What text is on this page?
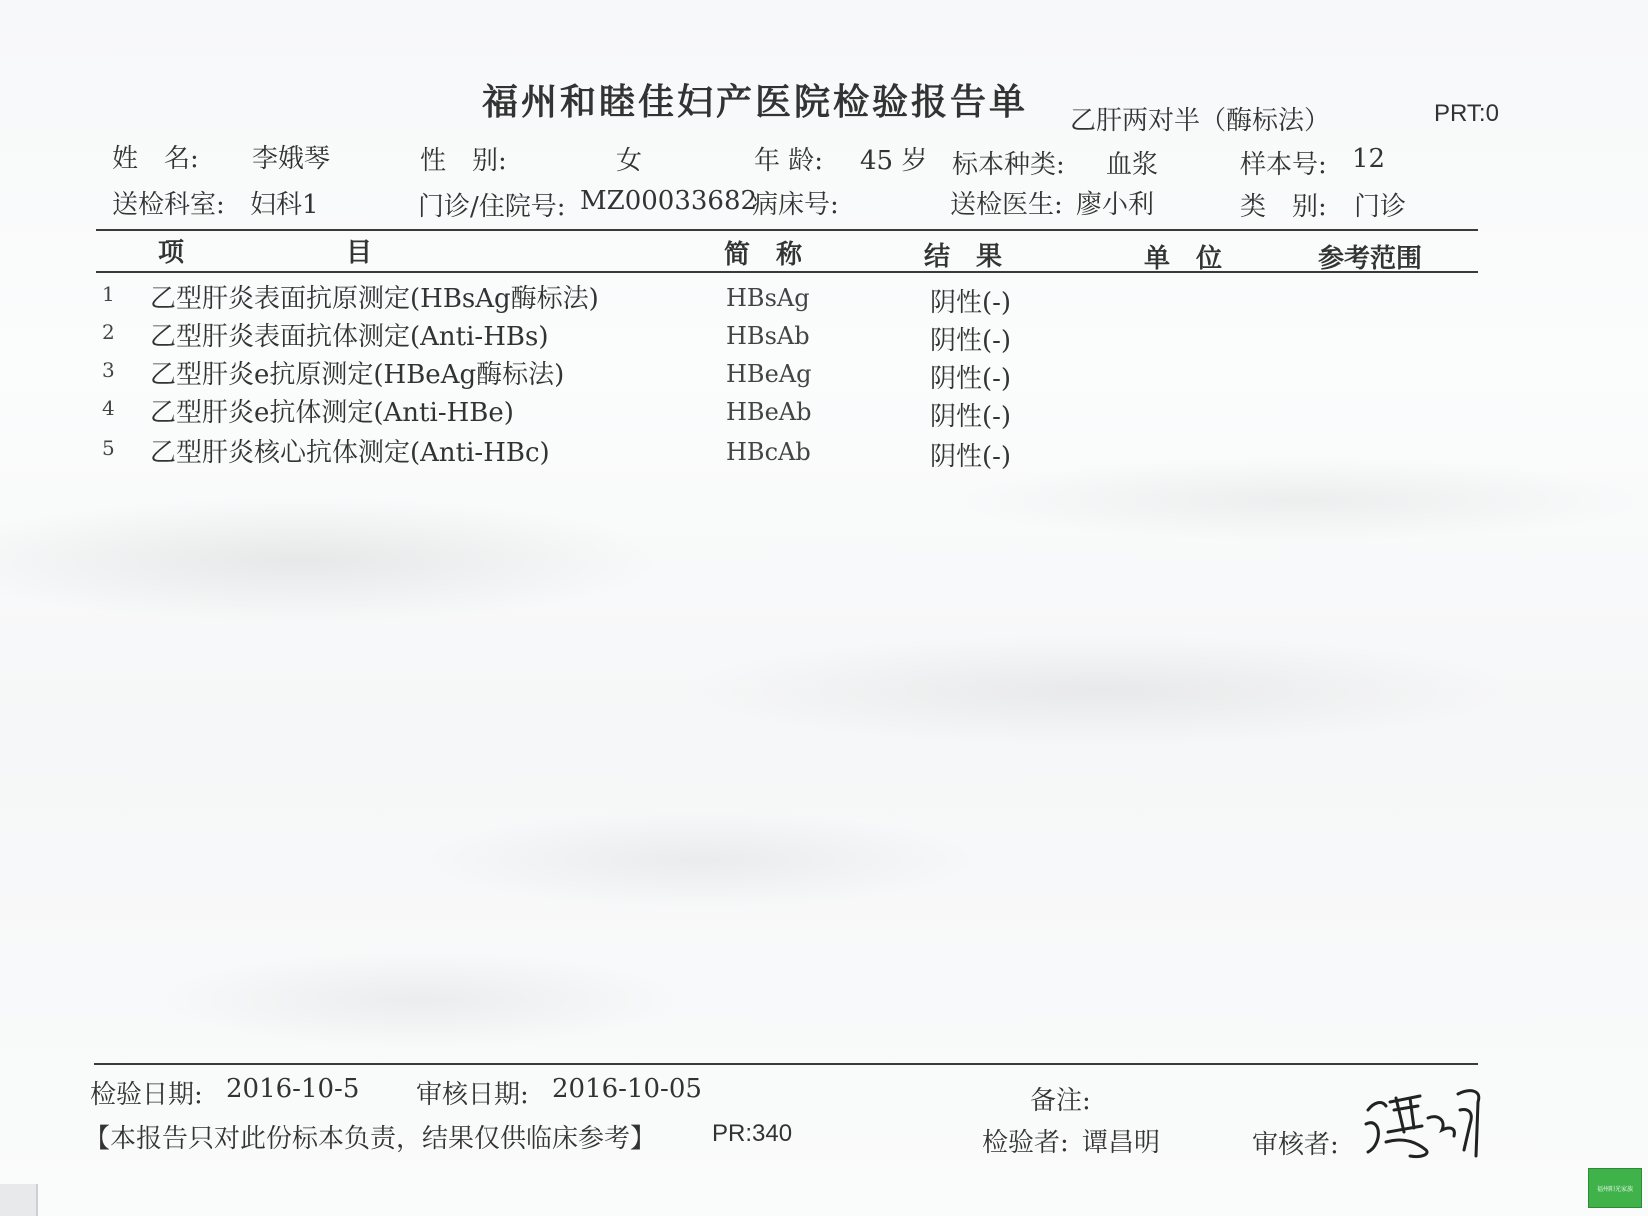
福州和睦佳妇产医院检验报告单 乙肝两对半（酶标法）	PRT:0
姓　名: 李娥琴	性　别:	女	年 龄: 45 岁 标本种类: 血浆	样本号: 12
送检科室: 妇科1	门诊/住院号: MZ00033682
病床号:	送检医生: 廖小利	类　别: 门诊
项	目	简　称	结　果	单　位	参考范围
1 乙型肝炎表面抗原测定(HBsAg酶标法)	HBsAg	阴性(-)
2 乙型肝炎表面抗体测定(Anti-HBs)	HBsAb	阴性(-)
3 乙型肝炎e抗原测定(HBeAg酶标法)	HBeAg	阴性(-)
4 乙型肝炎e抗体测定(Anti-HBe)	HBeAb	阴性(-)
5 乙型肝炎核心抗体测定(Anti-HBc)	HBcAb	阴性(-)
检验日期: 2016-10-5 审核日期: 2016-10-05	备注:
【本报告只对此份标本负责，结果仅供临床参考】 PR:340	检验者: 谭昌明	审核者:
福州阳光家族
